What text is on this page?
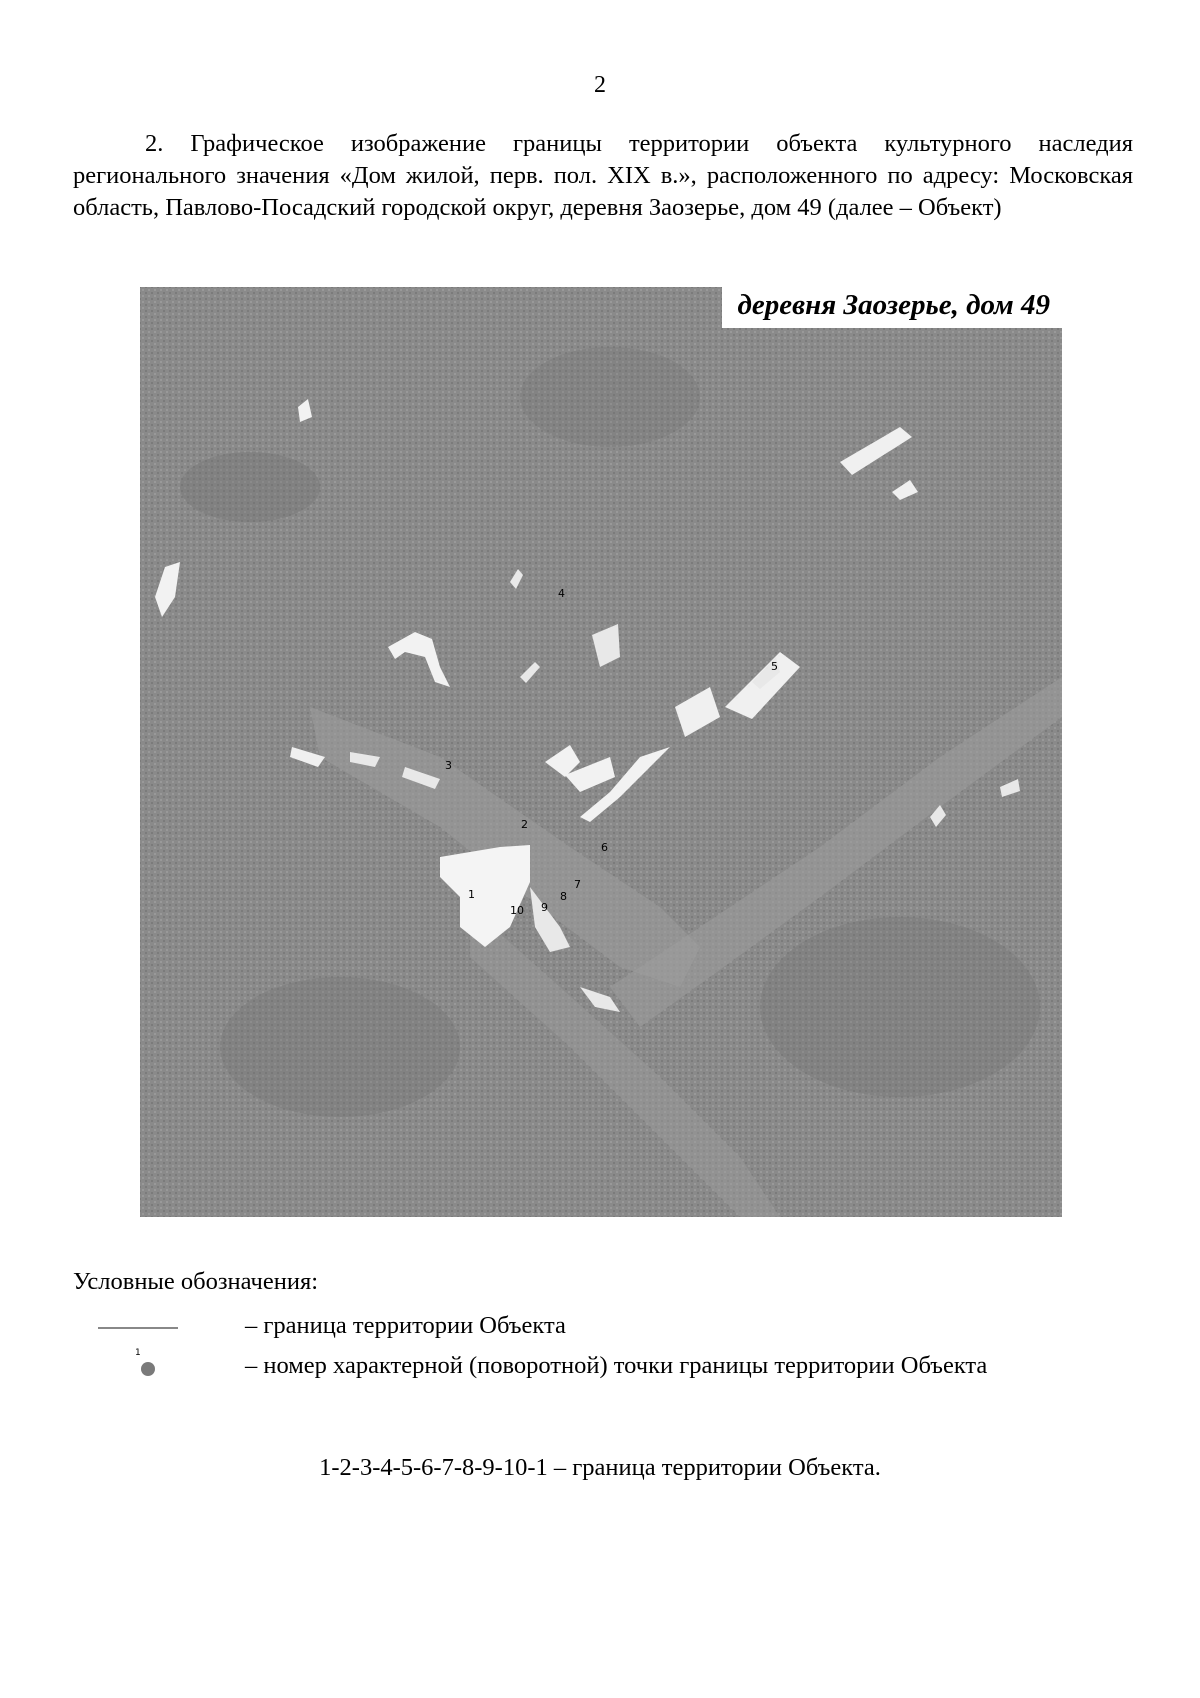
2

2. Графическое изображение границы территории объекта культурного наследия регионального значения «Дом жилой, перв. пол. XIX в.», расположенного по адресу: Московская область, Павлово-Посадский городской округ, деревня Заозерье, дом 49 (далее – Объект)

1
2
3
4
5
6
7
8
9
10
деревня Заозерье, дом 49
Условные обозначения:
– граница территории Объекта
1	– номер характерной (поворотной) точки границы территории Объекта
1-2-3-4-5-6-7-8-9-10-1 – граница территории Объекта.
